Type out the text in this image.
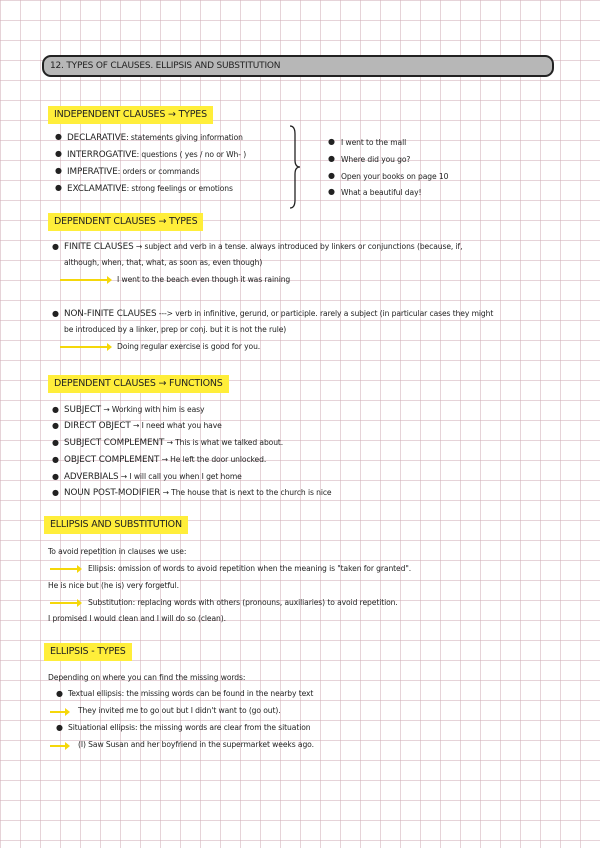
12. TYPES OF CLAUSES. ELLIPSIS AND SUBSTITUTION
INDEPENDENT CLAUSES → TYPES
● DECLARATIVE: statements giving information
● INTERROGATIVE: questions ( yes / no or Wh- )
● IMPERATIVE: orders or commands
● EXCLAMATIVE: strong feelings or emotions
● I went to the mall
● Where did you go?
● Open your books on page 10
● What a beautiful day!
DEPENDENT CLAUSES → TYPES
● FINITE CLAUSES → subject and verb in a tense. always introduced by linkers or conjunctions (because, if,
although, when, that, what, as soon as, even though)
I went to the beach even though it was raining
● NON-FINITE CLAUSES ---> verb in infinitive, gerund, or participle. rarely a subject (in particular cases they might
be introduced by a linker, prep or conj. but it is not the rule)
Doing regular exercise is good for you.
DEPENDENT CLAUSES → FUNCTIONS
● SUBJECT → Working with him is easy
● DIRECT OBJECT → I need what you have
● SUBJECT COMPLEMENT → This is what we talked about.
● OBJECT COMPLEMENT → He left the door unlocked.
● ADVERBIALS → I will call you when I get home
● NOUN POST-MODIFIER → The house that is next to the church is nice
ELLIPSIS AND SUBSTITUTION
To avoid repetition in clauses we use:
Ellipsis: omission of words to avoid repetition when the meaning is "taken for granted".
He is nice but (he is) very forgetful.
Substitution: replacing words with others (pronouns, auxiliaries) to avoid repetition.
I promised I would clean and I will do so (clean).
ELLIPSIS - TYPES
Depending on where you can find the missing words:
● Textual ellipsis: the missing words can be found in the nearby text
They invited me to go out but I didn't want to (go out).
● Situational ellipsis: the missing words are clear from the situation
(I) Saw Susan and her boyfriend in the supermarket weeks ago.
